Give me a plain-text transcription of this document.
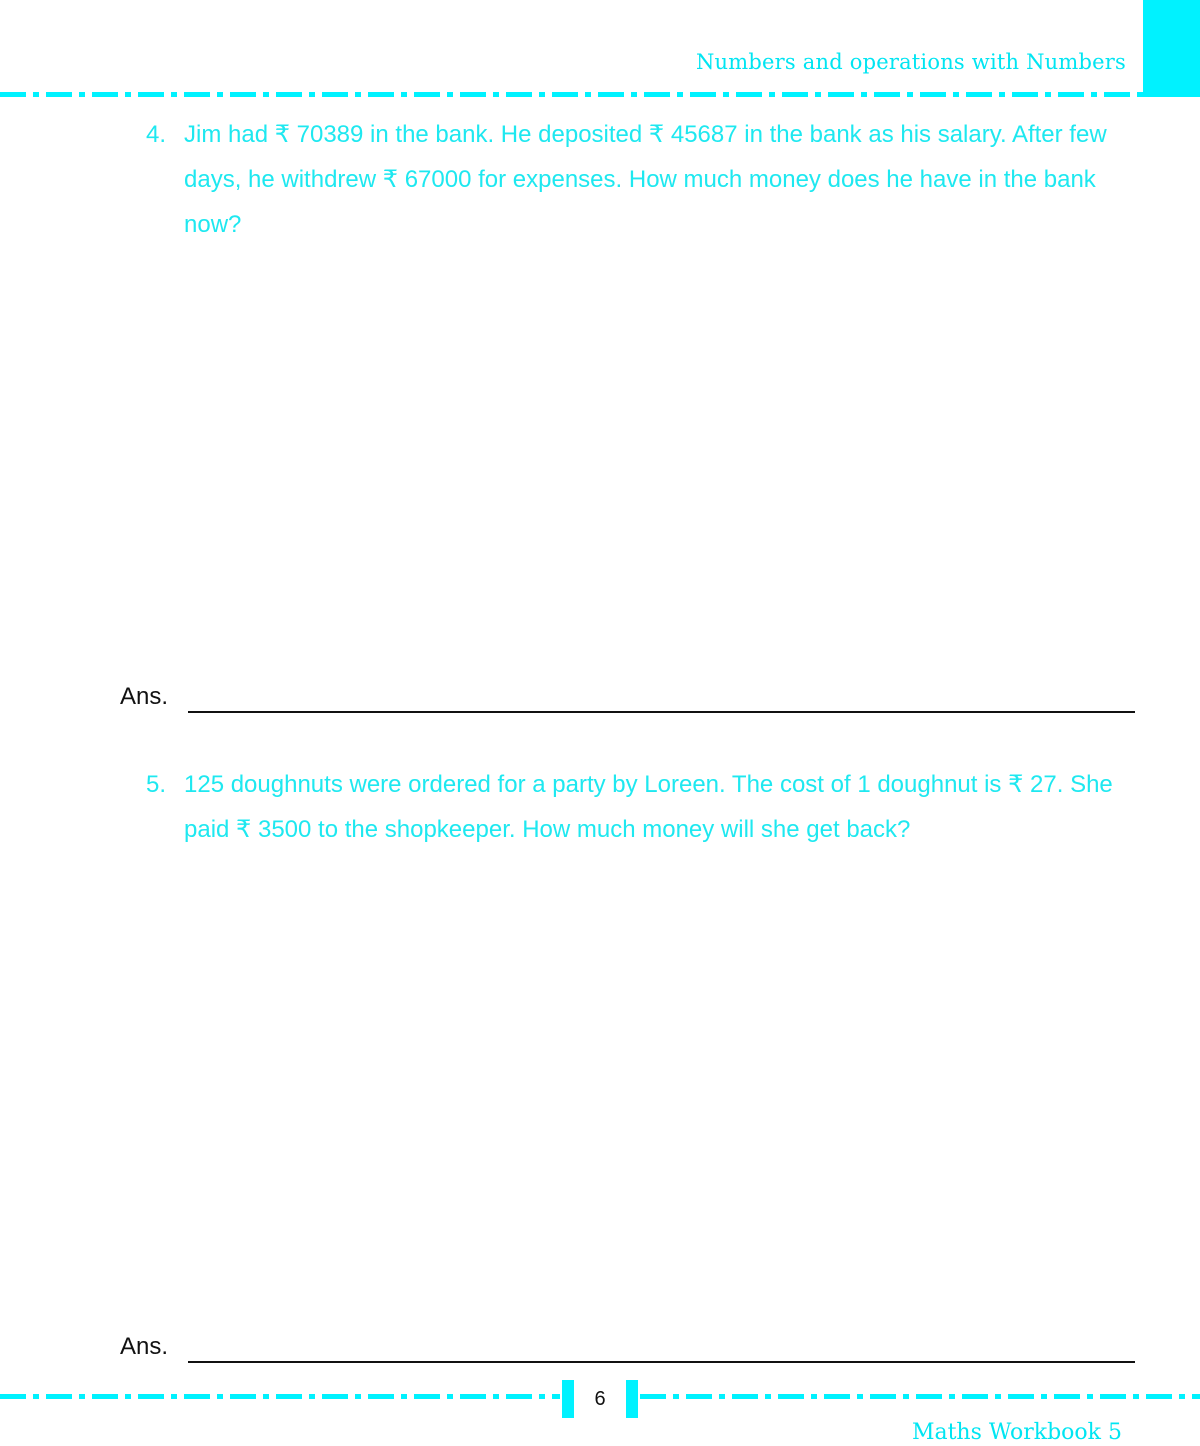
Numbers and operations with Numbers
4. Jim had ₹ 70389 in the bank. He deposited ₹ 45687 in the bank as his salary. After few days, he withdrew ₹ 67000 for expenses. How much money does he have in the bank now?
Ans.
5. 125 doughnuts were ordered for a party by Loreen. The cost of 1 doughnut is ₹ 27. She paid ₹ 3500 to the shopkeeper. How much money will she get back?
Ans.
6
Maths Workbook 5
